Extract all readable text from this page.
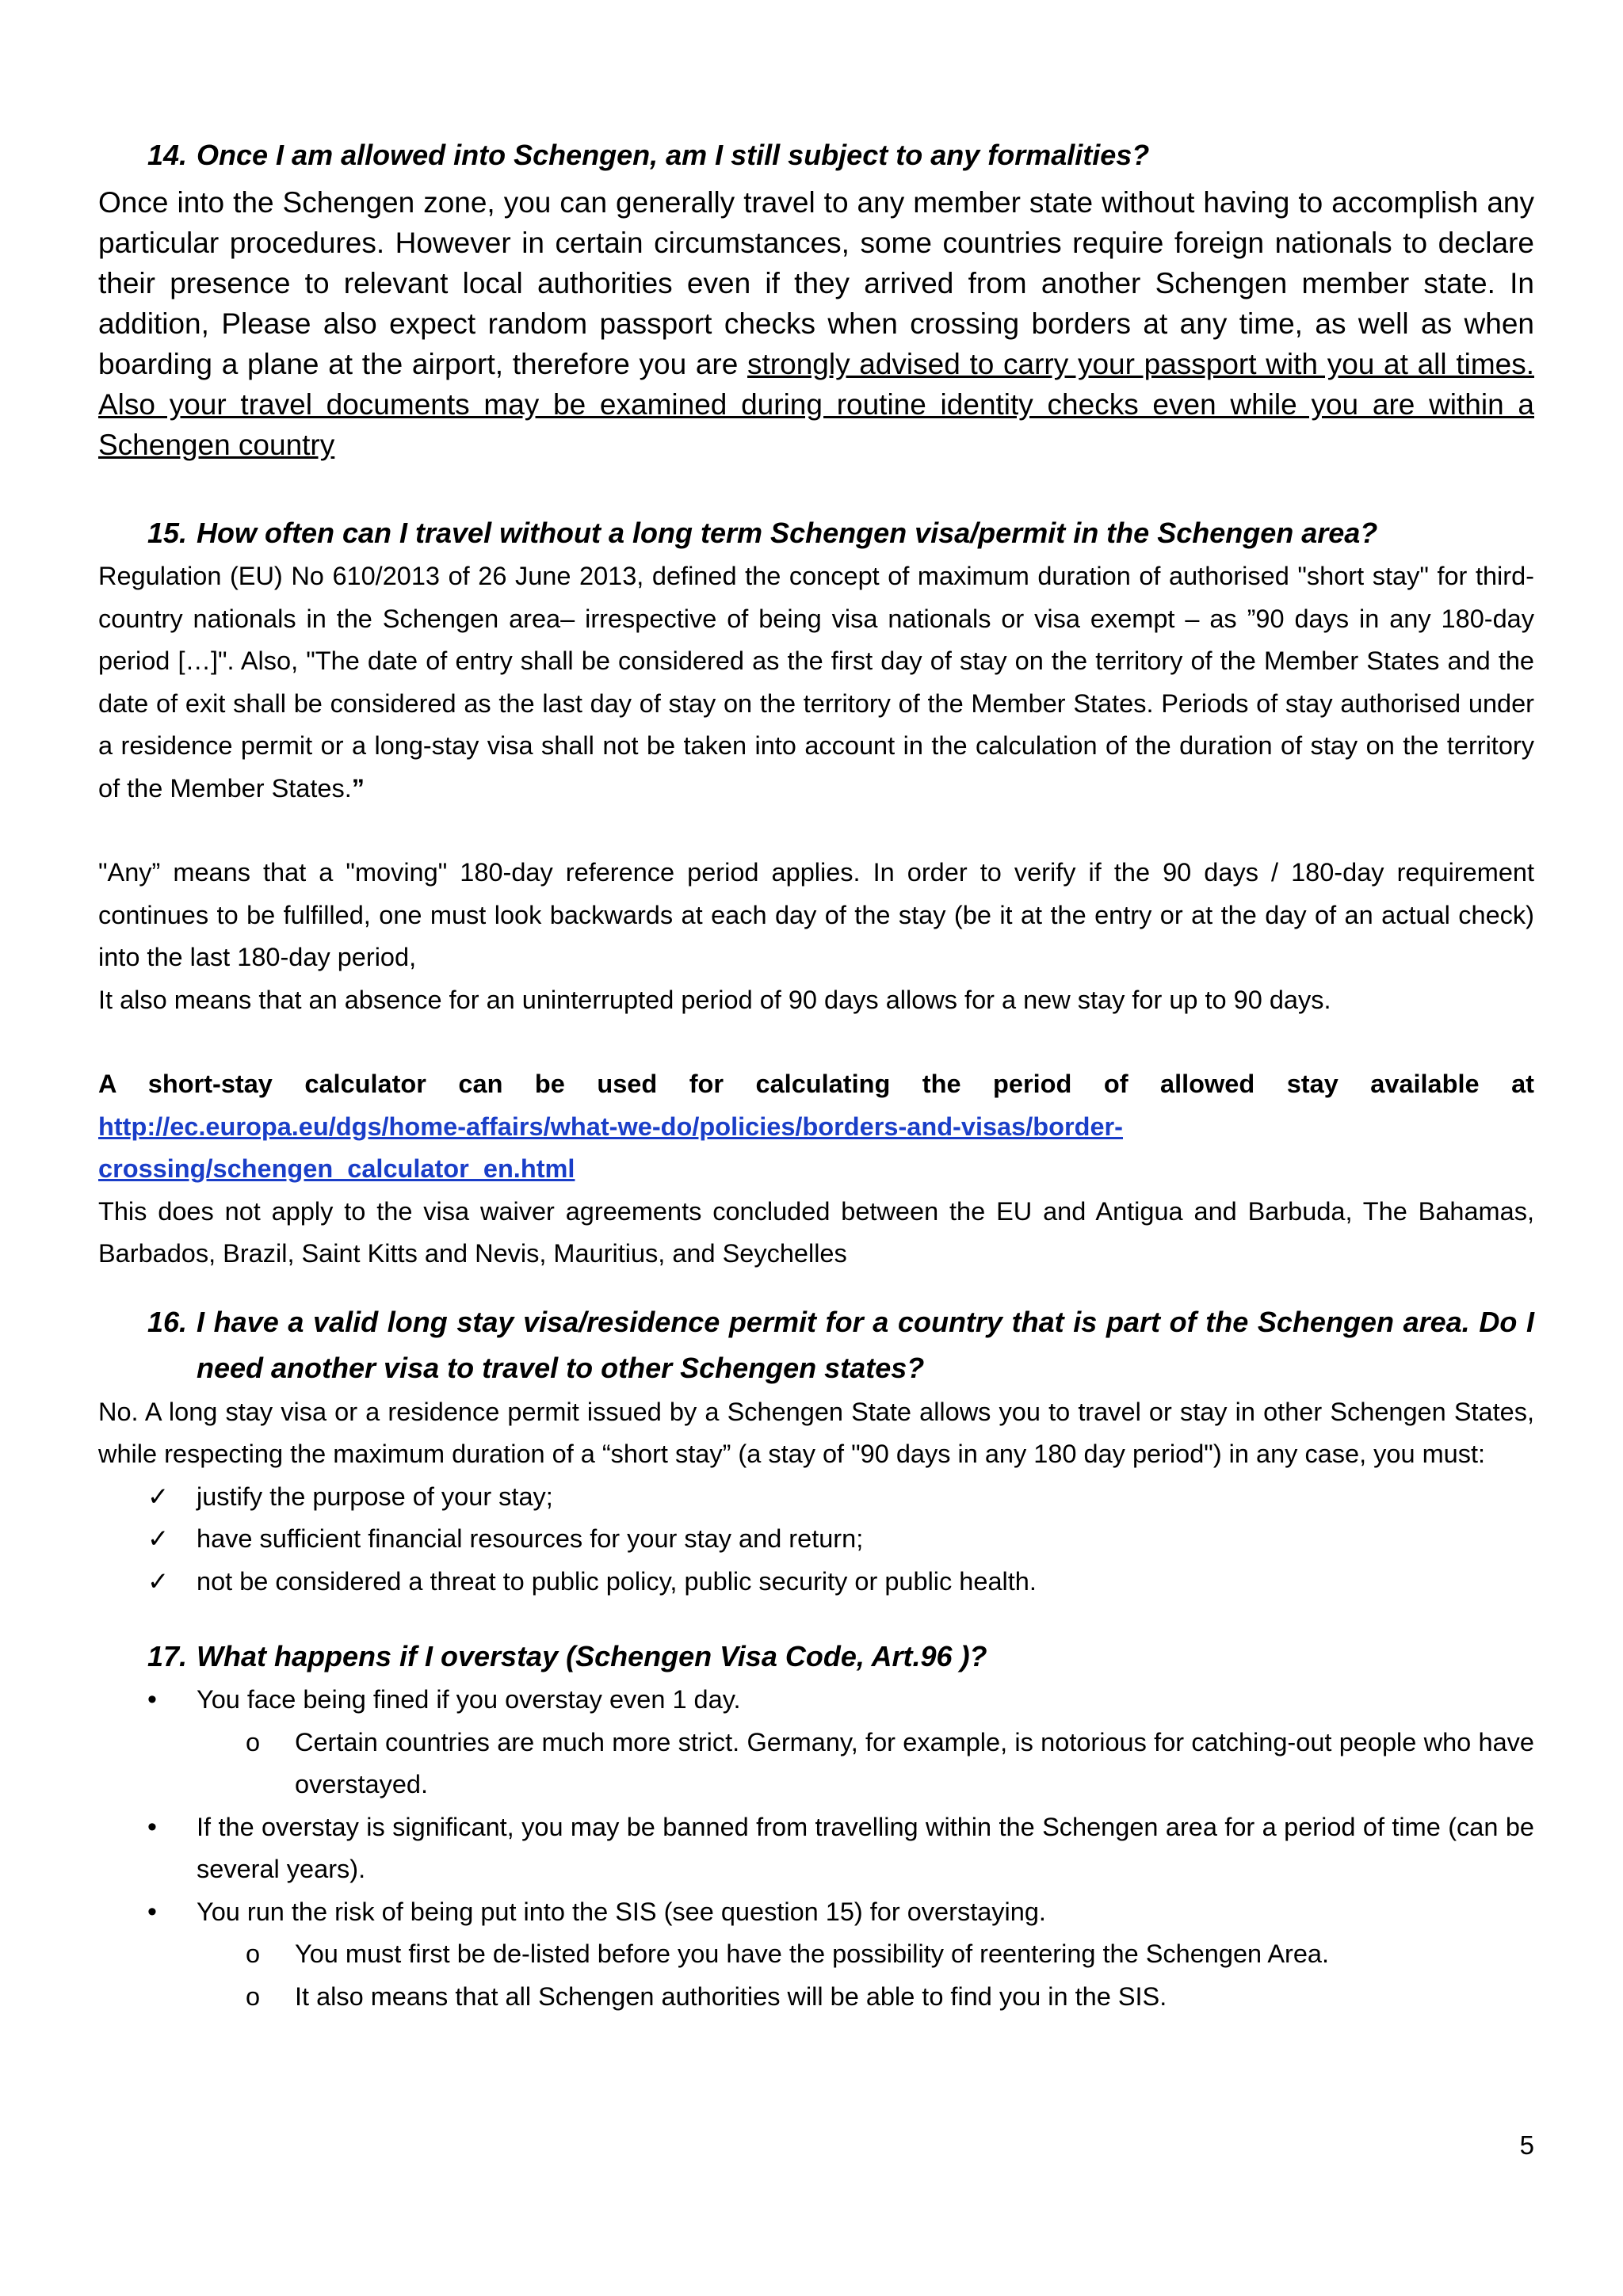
14. Once I am allowed into Schengen, am I still subject to any formalities?

Once into the Schengen zone, you can generally travel to any member state without having to accomplish any particular procedures. However in certain circumstances, some countries require foreign nationals to declare their presence to relevant local authorities even if they arrived from another Schengen member state. In addition, Please also expect random passport checks when crossing borders at any time, as well as when boarding a plane at the airport, therefore you are strongly advised to carry your passport with you at all times. Also your travel documents may be examined during routine identity checks even while you are within a Schengen country

15. How often can I travel without a long term Schengen visa/permit in the Schengen area?

Regulation (EU) No 610/2013 of 26 June 2013, defined the concept of maximum duration of authorised "short stay" for third-country nationals in the Schengen area– irrespective of being visa nationals or visa exempt – as ”90 days in any 180-day period […]". Also, "The date of entry shall be considered as the first day of stay on the territory of the Member States and the date of exit shall be considered as the last day of stay on the territory of the Member States. Periods of stay authorised under a residence permit or a long-stay visa shall not be taken into account in the calculation of the duration of stay on the territory of the Member States.”

"Any” means that a "moving" 180-day reference period applies. In order to verify if the 90 days / 180-day requirement continues to be fulfilled, one must look backwards at each day of the stay (be it at the entry or at the day of an actual check) into the last 180-day period,

It also means that an absence for an uninterrupted period of 90 days allows for a new stay for up to 90 days.

A short-stay calculator can be used for calculating the period of allowed stay available at

http://ec.europa.eu/dgs/home-affairs/what-we-do/policies/borders-and-visas/border-

crossing/schengen_calculator_en.html

This does not apply to the visa waiver agreements concluded between the EU and Antigua and Barbuda, The Bahamas, Barbados, Brazil, Saint Kitts and Nevis, Mauritius, and Seychelles

16. I have a valid long stay visa/residence permit for a country that is part of the Schengen area. Do I need another visa to travel to other Schengen states?

No. A long stay visa or a residence permit issued by a Schengen State allows you to travel or stay in other Schengen States, while respecting the maximum duration of a “short stay” (a stay of "90 days in any 180 day period") in any case, you must:

✓	justify the purpose of your stay;
✓	have sufficient financial resources for your stay and return;
✓	not be considered a threat to public policy, public security or public health.
17. What happens if I overstay (Schengen Visa Code, Art.96 )?
•	You face being fined if you overstay even 1 day.
o	Certain countries are much more strict. Germany, for example, is notorious for catching-out people who have overstayed.
•	If the overstay is significant, you may be banned from travelling within the Schengen area for a period of time (can be several years).
•	You run the risk of being put into the SIS (see question 15) for overstaying.
o	You must first be de-listed before you have the possibility of reentering the Schengen Area.
o	It also means that all Schengen authorities will be able to find you in the SIS.
5
